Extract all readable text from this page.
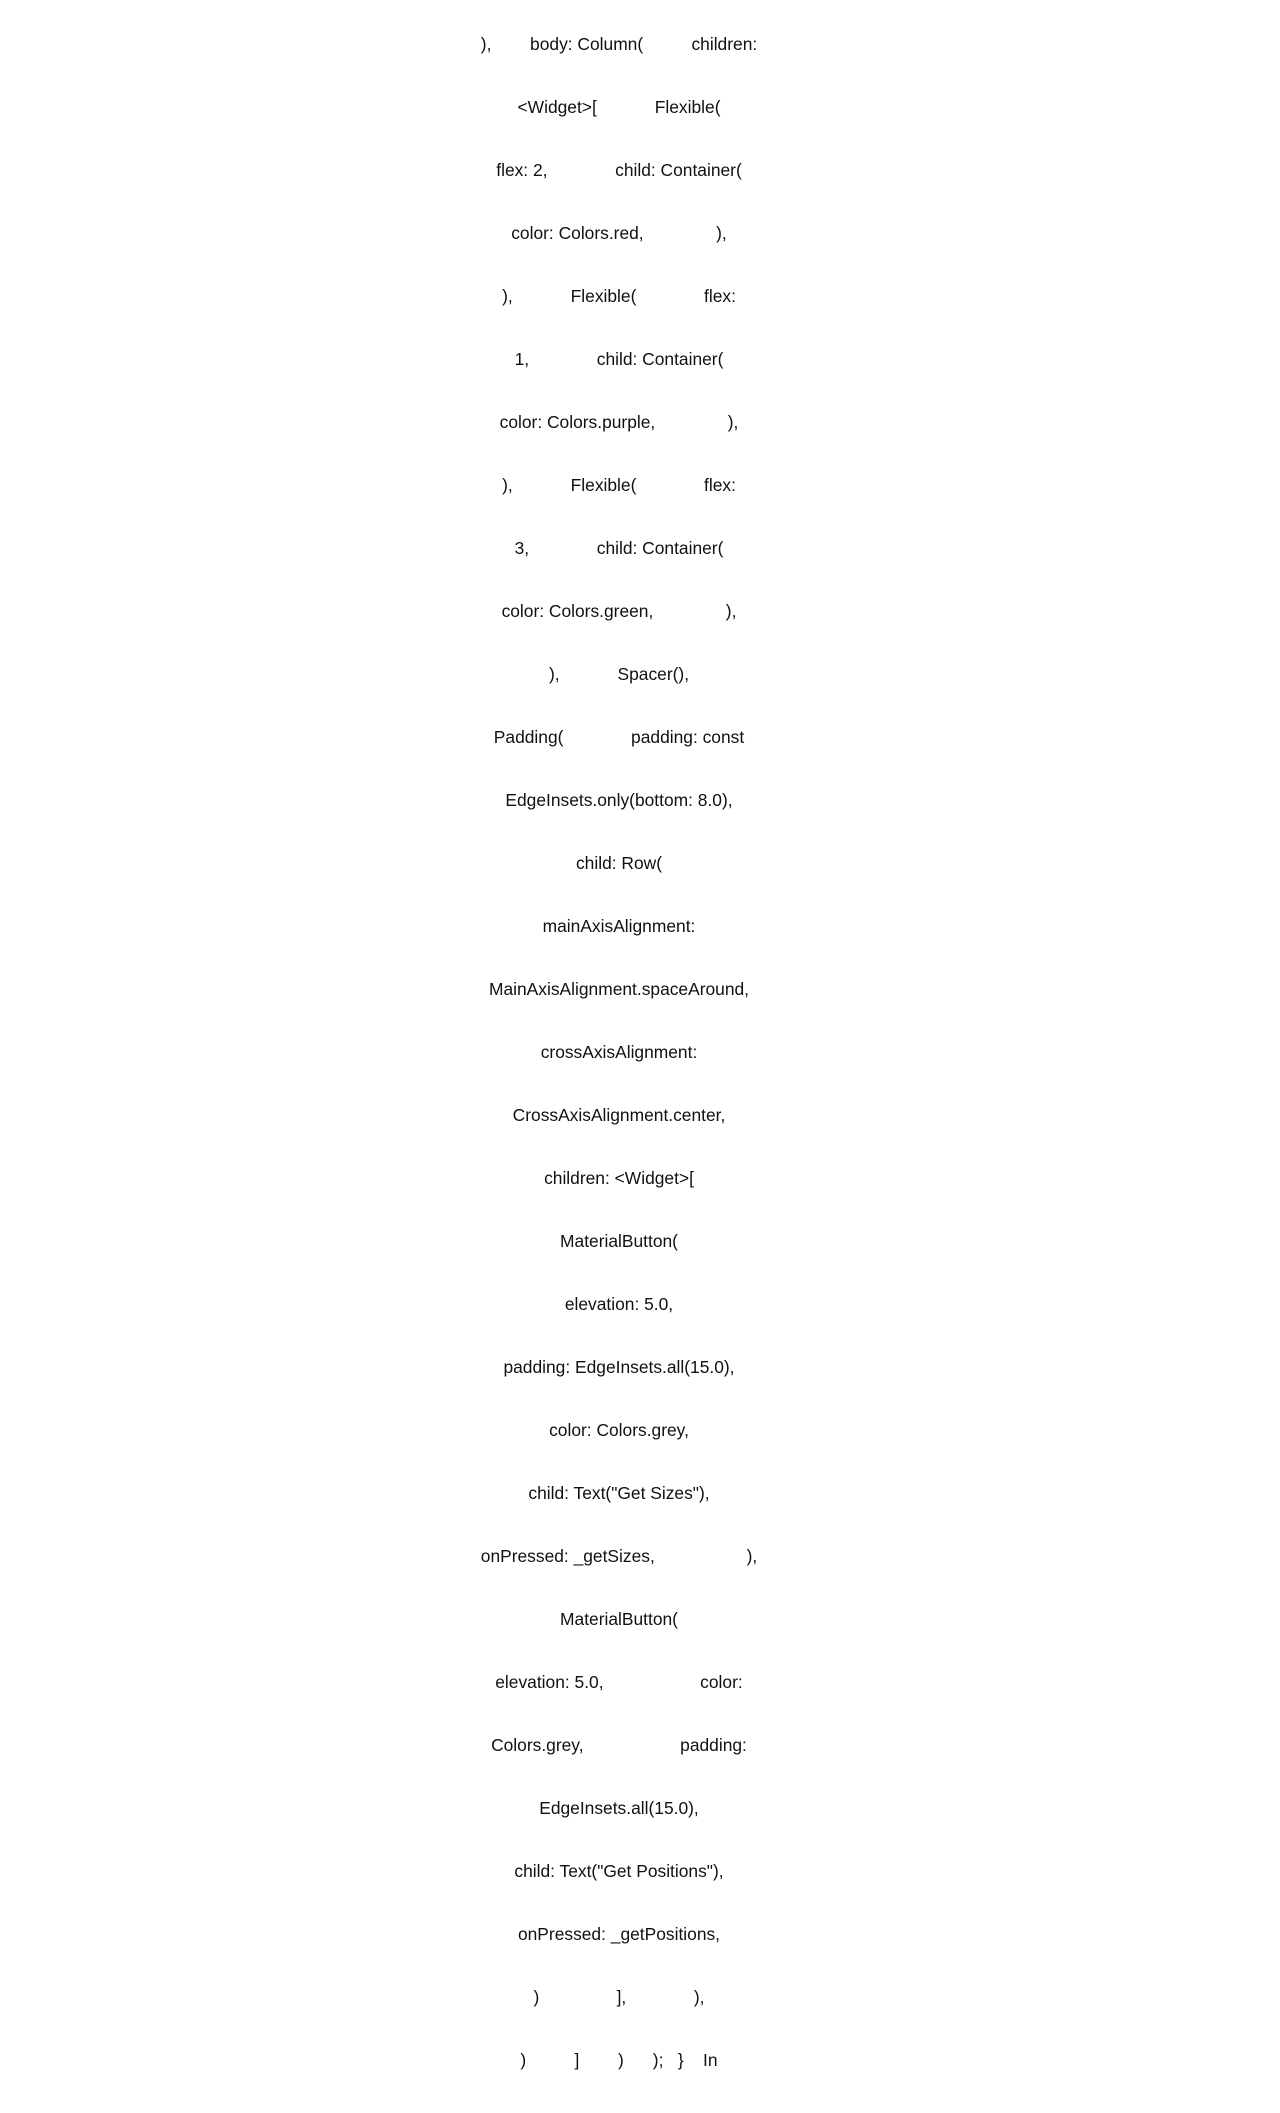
),        body: Column(          children:

<Widget>[            Flexible(

flex: 2,              child: Container(

color: Colors.red,               ),

),            Flexible(              flex:

1,              child: Container(

color: Colors.purple,               ),

),            Flexible(              flex:

3,              child: Container(

color: Colors.green,               ),

),            Spacer(),

Padding(              padding: const

EdgeInsets.only(bottom: 8.0),

child: Row(

mainAxisAlignment:

MainAxisAlignment.spaceAround,

crossAxisAlignment:

CrossAxisAlignment.center,

children: <Widget>[

MaterialButton(

elevation: 5.0,

padding: EdgeInsets.all(15.0),

color: Colors.grey,

child: Text("Get Sizes"),

onPressed: _getSizes,                   ),

MaterialButton(

elevation: 5.0,                    color:

Colors.grey,                    padding:

EdgeInsets.all(15.0),

child: Text("Get Positions"),

onPressed: _getPositions,

)                ],              ),

)          ]        )      );   }    In
